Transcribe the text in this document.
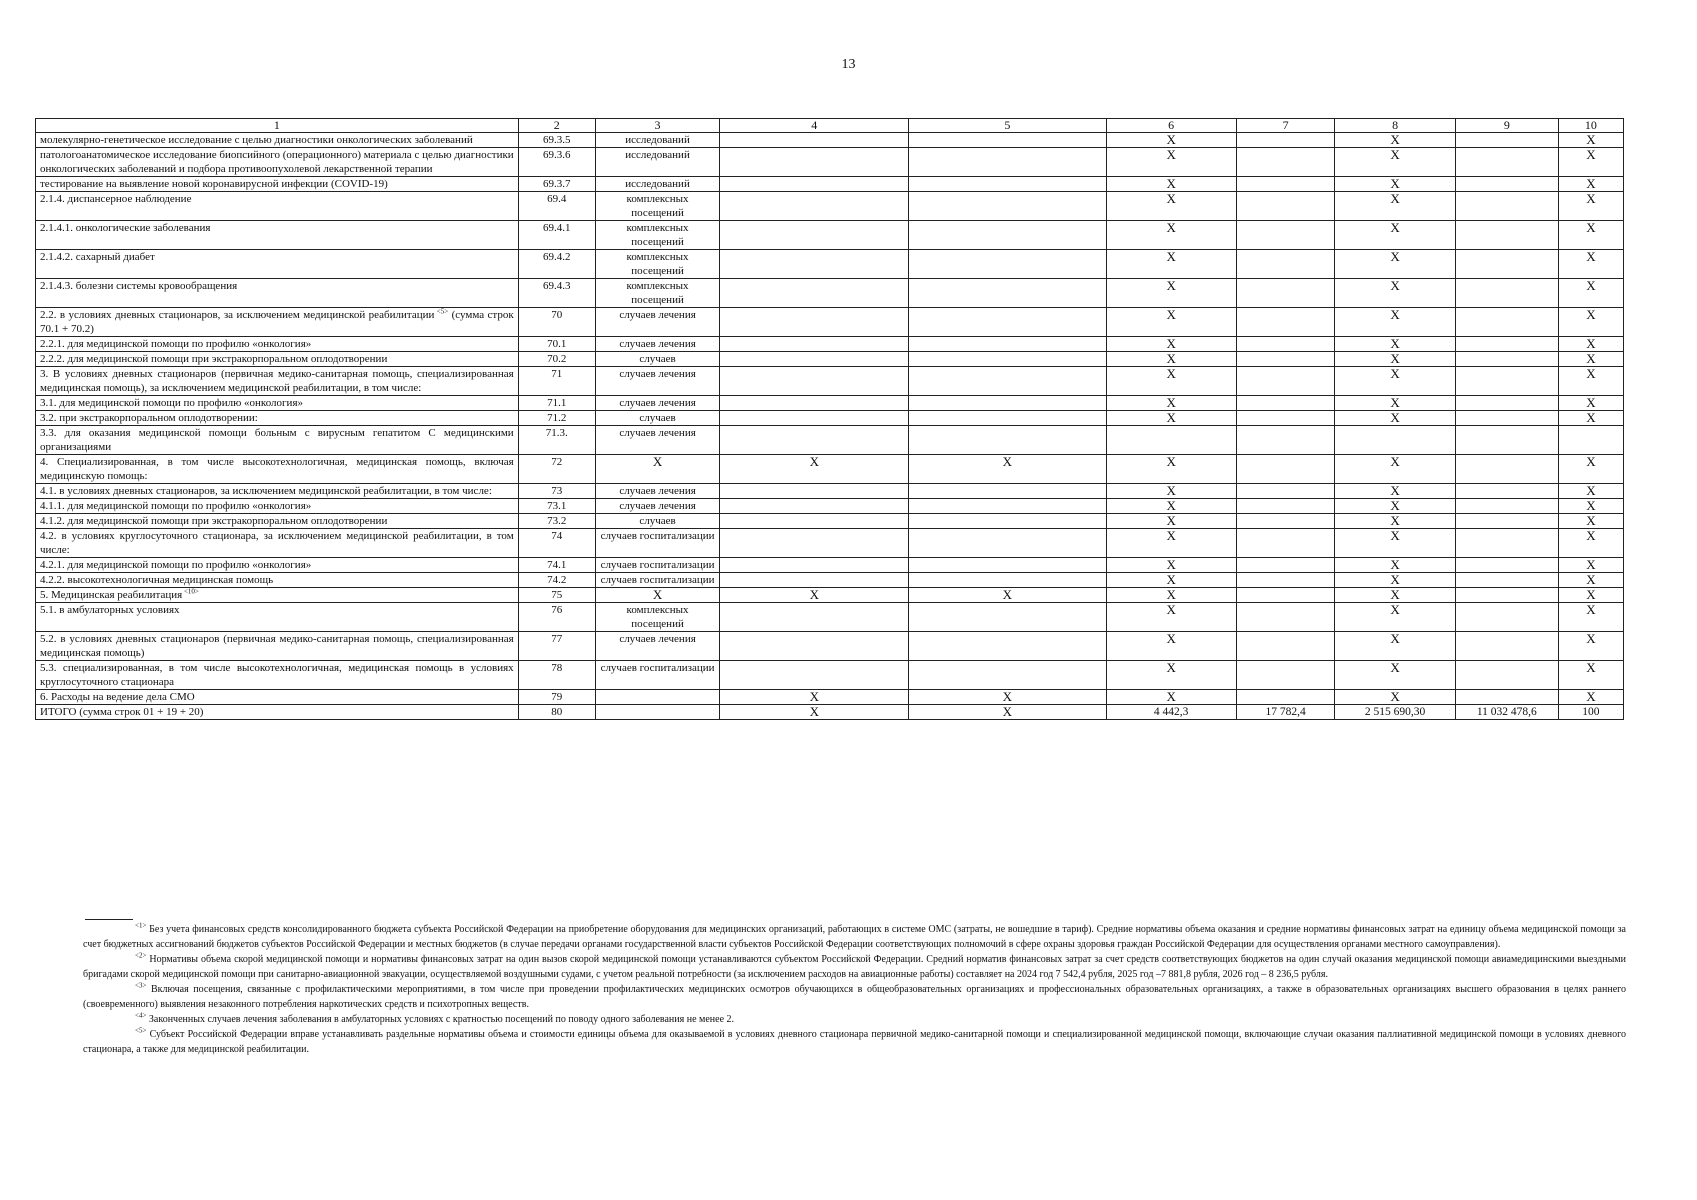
13
1	2	3	4	5	6	7	8	9	10
молекулярно-генетическое исследование с целью диагностики онкологических заболеваний	69.3.5	исследований			X		X		X
патологоанатомическое исследование биопсийного (операционного) материала с целью диагностики онкологических заболеваний и подбора противоопухолевой лекарственной терапии	69.3.6	исследований			X		X		X
тестирование на выявление новой коронавирусной инфекции (COVID-19)	69.3.7	исследований			X		X		X
2.1.4. диспансерное наблюдение	69.4	комплексных посещений			X		X		X
2.1.4.1. онкологические заболевания	69.4.1	комплексных посещений			X		X		X
2.1.4.2. сахарный диабет	69.4.2	комплексных посещений			X		X		X
2.1.4.3. болезни системы кровообращения	69.4.3	комплексных посещений			X		X		X
2.2. в условиях дневных стационаров, за исключением медицинской реабилитации $^{<5>}$ (сумма строк 70.1 + 70.2)	70	случаев лечения			X		X		X
2.2.1. для медицинской помощи по профилю «онкология»	70.1	случаев лечения			X		X		X
2.2.2. для медицинской помощи при экстракорпоральном оплодотворении	70.2	случаев			X		X		X
3. В условиях дневных стационаров (первичная медико-санитарная помощь, специализированная медицинская помощь), за исключением медицинской реабилитации, в том числе:	71	случаев лечения			X		X		X
3.1. для медицинской помощи по профилю «онкология»	71.1	случаев лечения			X		X		X
3.2. при экстракорпоральном оплодотворении:	71.2	случаев			X		X		X
3.3. для оказания медицинской помощи больным с вирусным гепатитом С медицинскими организациями	71.3.	случаев лечения							
4. Специализированная, в том числе высокотехнологичная, медицинская помощь, включая медицинскую помощь:	72	X	X	X	X		X		X
4.1. в условиях дневных стационаров, за исключением медицинской реабилитации, в том числе:	73	случаев лечения			X		X		X
4.1.1. для медицинской помощи по профилю «онкология»	73.1	случаев лечения			X		X		X
4.1.2. для медицинской помощи при экстракорпоральном оплодотворении	73.2	случаев			X		X		X
4.2. в условиях круглосуточного стационара, за исключением медицинской реабилитации, в том числе:	74	случаев госпитализации			X		X		X
4.2.1. для медицинской помощи по профилю «онкология»	74.1	случаев госпитализации			X		X		X
4.2.2. высокотехнологичная медицинская помощь	74.2	случаев госпитализации			X		X		X
5. Медицинская реабилитация $^{<10>}$	75	X	X	X	X		X		X
5.1. в амбулаторных условиях	76	комплексных посещений			X		X		X
5.2. в условиях дневных стационаров (первичная медико-санитарная помощь, специализированная медицинская помощь)	77	случаев лечения			X		X		X
5.3. специализированная, в том числе высокотехнологичная, медицинская помощь в условиях круглосуточного стационара	78	случаев госпитализации			X		X		X
6. Расходы на ведение дела СМО	79		X	X	X		X		X
ИТОГО (сумма строк 01 + 19 + 20)	80		X	X	4 442,3	17 782,4	2 515 690,30	11 032 478,6	100

$^{<1>}$ Без учета финансовых средств консолидированного бюджета субъекта Российской Федерации на приобретение оборудования для медицинских организаций, работающих в системе ОМС (затраты, не вошедшие в тариф). Средние нормативы объема оказания и средние нормативы финансовых затрат на единицу объема медицинской помощи за счет бюджетных ассигнований бюджетов субъектов Российской Федерации и местных бюджетов (в случае передачи органами государственной власти субъектов Российской Федерации соответствующих полномочий в сфере охраны здоровья граждан Российской Федерации для осуществления органами местного самоуправления).

$^{<2>}$ Нормативы объема скорой медицинской помощи и нормативы финансовых затрат на один вызов скорой медицинской помощи устанавливаются субъектом Российской Федерации. Средний норматив финансовых затрат за счет средств соответствующих бюджетов на один случай оказания медицинской помощи авиамедицинскими выездными бригадами скорой медицинской помощи при санитарно-авиационной эвакуации, осуществляемой воздушными судами, с учетом реальной потребности (за исключением расходов на авиационные работы) составляет на 2024 год 7 542,4 рубля, 2025 год –7 881,8 рубля, 2026 год – 8 236,5 рубля.

$^{<3>}$ Включая посещения, связанные с профилактическими мероприятиями, в том числе при проведении профилактических медицинских осмотров обучающихся в общеобразовательных организациях и профессиональных образовательных организациях, а также в образовательных организациях высшего образования в целях раннего (своевременного) выявления незаконного потребления наркотических средств и психотропных веществ.

$^{<4>}$ Законченных случаев лечения заболевания в амбулаторных условиях с кратностью посещений по поводу одного заболевания не менее 2.

$^{<5>}$ Субъект Российской Федерации вправе устанавливать раздельные нормативы объема и стоимости единицы объема для оказываемой в условиях дневного стационара первичной медико-санитарной помощи и специализированной медицинской помощи, включающие случаи оказания паллиативной медицинской помощи в условиях дневного стационара, а также для медицинской реабилитации.
